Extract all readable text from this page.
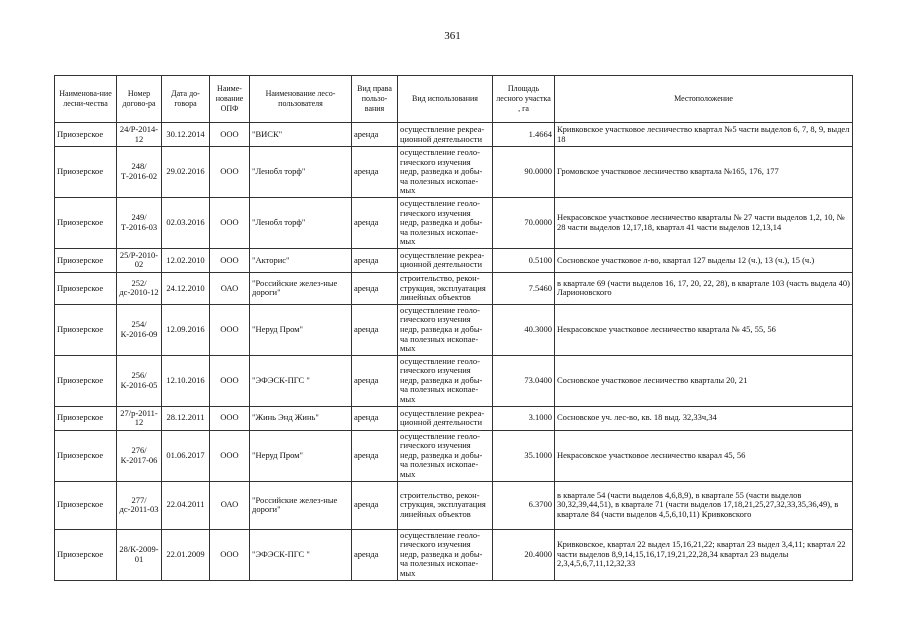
361
Наименова-ние лесни-чества	Номер догово-ра	Дата до-говора	Наиме-нование ОПФ	Наименование лесо-пользователя	Вид права пользо-вания	Вид использования	Площадь лесного участка , га	Местоположение
Приозерское	24/Р-2014-12	30.12.2014	ООО	"ВИСК"	аренда	осуществление рекреа-ционной деятельности	1.4664	Кривковское участковое лесничество квартал №5 части выделов 6, 7, 8, 9, выдел 18
Приозерское	248/Т-2016-02	29.02.2016	ООО	"Ленобл торф"	аренда	осуществление геоло-гического изучения недр, разведка и добы-ча полезных ископае-мых	90.0000	Громовское участковое лесничество квартала №165, 176, 177
Приозерское	249/Т-2016-03	02.03.2016	ООО	"Ленобл торф"	аренда	осуществление геоло-гического изучения недр, разведка и добы-ча полезных ископае-мых	70.0000	Некрасовское участковое лесничество кварталы № 27 части выделов 1,2, 10, № 28 части выделов 12,17,18, квартал 41 части выделов 12,13,14
Приозерское	25/Р-2010-02	12.02.2010	ООО	"Акторис"	аренда	осуществление рекреа-ционной деятельности	0.5100	Сосновское участковое л-во, квартал 127 выделы 12 (ч.), 13 (ч.), 15 (ч.)
Приозерское	252/дс-2010-12	24.12.2010	ОАО	"Российские желез-ные дороги"	аренда	строительство, рекон-струкция, эксплуатация линейных объектов	7.5460	в квартале 69 (части выделов 16, 17, 20, 22, 28), в квартале 103 (часть выдела 40) Ларионовского
Приозерское	254/К-2016-09	12.09.2016	ООО	"Неруд Пром"	аренда	осуществление геоло-гического изучения недр, разведка и добы-ча полезных ископае-мых	40.3000	Некрасовское участковое лесничество квартала № 45, 55, 56
Приозерское	256/К-2016-05	12.10.2016	ООО	"ЭФЭСК-ПГС "	аренда	осуществление геоло-гического изучения недр, разведка и добы-ча полезных ископае-мых	73.0400	Сосновское участковое лесничество кварталы 20, 21
Приозерское	27/р-2011-12	28.12.2011	ООО	"Жинь Энд Жинь"	аренда	осуществление рекреа-ционной деятельности	3.1000	Сосновское уч. лес-во, кв. 18 выд. 32,33ч,34
Приозерское	276/К-2017-06	01.06.2017	ООО	"Неруд Пром"	аренда	осуществление геоло-гического изучения недр, разведка и добы-ча полезных ископае-мых	35.1000	Некрасовское участковое лесничество кварал 45, 56
Приозерское	277/дс-2011-03	22.04.2011	ОАО	"Российские желез-ные дороги"	аренда	строительство, рекон-струкция, эксплуатация линейных объектов	6.3700	в квартале 54 (части выделов 4,6,8,9), в квартале 55 (части выделов 30,32,39,44,51), в квартале 71 (части выделов 17,18,21,25,27,32,33,35,36,49), в квартале 84 (части выделов 4,5,6,10,11) Кривковского
Приозерское	28/К-2009-01	22.01.2009	ООО	"ЭФЭСК-ПГС "	аренда	осуществление геоло-гического изучения недр, разведка и добы-ча полезных ископае-мых	20.4000	Кривковское, квартал 22 выдел 15,16,21,22; квартал 23 выдел 3,4,11; квартал 22 части выделов 8,9,14,15,16,17,19,21,22,28,34 квартал 23 выделы 2,3,4,5,6,7,11,12,32,33
